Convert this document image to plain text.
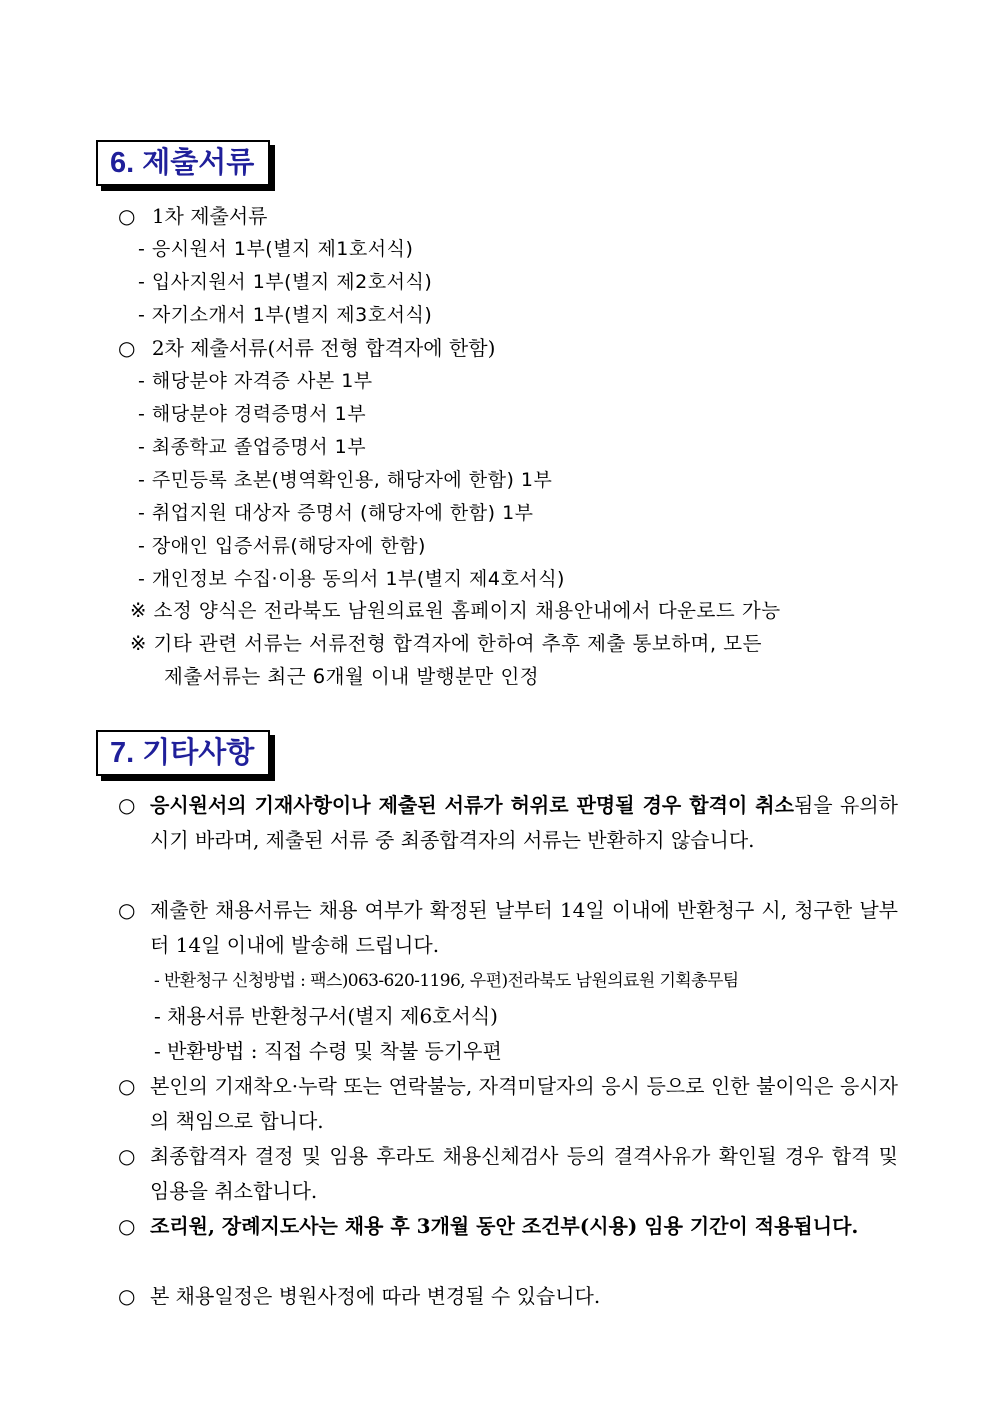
6. 제출서류
○ 1차 제출서류
- 응시원서 1부(별지 제1호서식)
- 입사지원서 1부(별지 제2호서식)
- 자기소개서 1부(별지 제3호서식)
○ 2차 제출서류(서류 전형 합격자에 한함)
- 해당분야 자격증 사본 1부
- 해당분야 경력증명서 1부
- 최종학교 졸업증명서 1부
- 주민등록 초본(병역확인용, 해당자에 한함) 1부
- 취업지원 대상자 증명서 (해당자에 한함) 1부
- 장애인 입증서류(해당자에 한함)
- 개인정보 수집·이용 동의서 1부(별지 제4호서식)
※ 소정 양식은 전라북도 남원의료원 홈페이지 채용안내에서 다운로드 가능
※ 기타 관련 서류는 서류전형 합격자에 한하여 추후 제출 통보하며, 모든
제출서류는 최근 6개월 이내 발행분만 인정
7. 기타사항
○ 응시원서의 기재사항이나 제출된 서류가 허위로 판명될 경우 합격이 취소됨을 유의하시기 바라며, 제출된 서류 중 최종합격자의 서류는 반환하지 않습니다.
○ 제출한 채용서류는 채용 여부가 확정된 날부터 14일 이내에 반환청구 시, 청구한 날부터 14일 이내에 발송해 드립니다.
- 반환청구 신청방법 : 팩스)063-620-1196, 우편)전라북도 남원의료원 기획총무팀
- 채용서류 반환청구서(별지 제6호서식)
- 반환방법 : 직접 수령 및 착불 등기우편
○ 본인의 기재착오·누락 또는 연락불능, 자격미달자의 응시 등으로 인한 불이익은 응시자의 책임으로 합니다.
○ 최종합격자 결정 및 임용 후라도 채용신체검사 등의 결격사유가 확인될 경우 합격 및 임용을 취소합니다.
○ 조리원, 장례지도사는 채용 후 3개월 동안 조건부(시용) 임용 기간이 적용됩니다.
○ 본 채용일정은 병원사정에 따라 변경될 수 있습니다.
